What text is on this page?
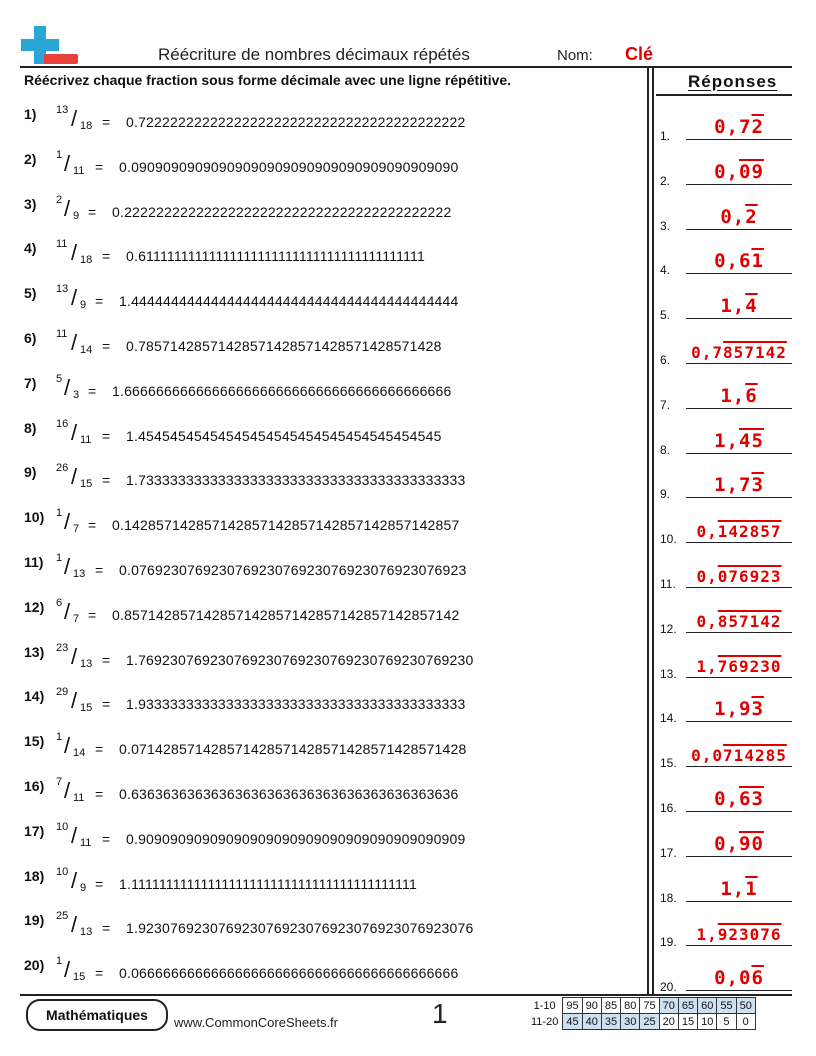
Réécriture de nombres décimaux répétés	Nom: Clé
Réécrivez chaque fraction sous forme décimale avec une ligne répétitive.	Réponses
1) 13 / 18 = 0.72222222222222222222222222222222222222222
2) 1 / 11 = 0.09090909090909090909090909090909090909090
3) 2 / 9 = 0.22222222222222222222222222222222222222222
4) 11 / 18 = 0.61111111111111111111111111111111111111111
5) 13 / 9 = 1.44444444444444444444444444444444444444444
6) 11 / 14 = 0.78571428571428571428571428571428571428
7) 5 / 3 = 1.66666666666666666666666666666666666666666
8) 16 / 11 = 1.45454545454545454545454545454545454545
9) 26 / 15 = 1.73333333333333333333333333333333333333333
10) 1 / 7 = 0.142857142857142857142857142857142857142857
11) 1 / 13 = 0.076923076923076923076923076923076923076923
12) 6 / 7 = 0.857142857142857142857142857142857142857142
13) 23 / 13 = 1.769230769230769230769230769230769230769230
14) 29 / 15 = 1.93333333333333333333333333333333333333333
15) 1 / 14 = 0.071428571428571428571428571428571428571428
16) 7 / 11 = 0.63636363636363636363636363636363636363636
17) 10 / 11 = 0.90909090909090909090909090909090909090909
18) 10 / 9 = 1.11111111111111111111111111111111111111111
19) 25 / 13 = 1.923076923076923076923076923076923076923076
20) 1 / 15 = 0.06666666666666666666666666666666666666666
1.	0,72
2.	0,09
3.	0,2
4.	0,61
5.	1,4
6.	0,7857142
7.	1,6
8.	1,45
9.	1,73
10.	0,142857
11.	0,076923
12.	0,857142
13.	1,769230
14.	1,93
15. 0,0714285
16.	0,63
17.	0,90
18.	1,1
19.	1,923076
20.	0,06
Mathématiques	www.CommonCoreSheets.fr	1	1-10	95	90	85	80	75	70	65	60	55	50
11-20	45	40	35	30	25	20	15	10	5	0
